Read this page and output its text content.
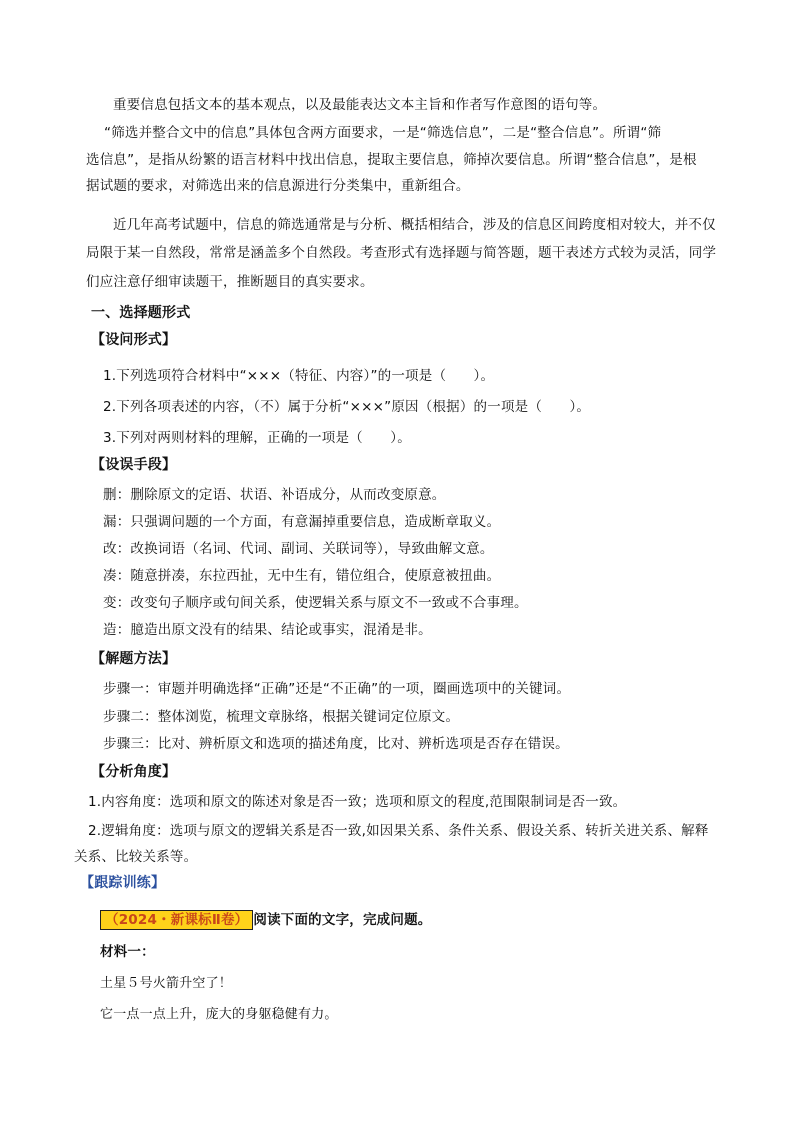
重要信息包括文本的基本观点，以及最能表达文本主旨和作者写作意图的语句等。
“筛选并整合文中的信息”具体包含两方面要求，一是“筛选信息”，二是“整合信息”。所谓“筛
选信息”，是指从纷繁的语言材料中找出信息，提取主要信息，筛掉次要信息。所谓“整合信息”，是根
据试题的要求，对筛选出来的信息源进行分类集中，重新组合。
近几年高考试题中，信息的筛选通常是与分析、概括相结合，涉及的信息区间跨度相对较大，并不仅
局限于某一自然段，常常是涵盖多个自然段。考查形式有选择题与简答题，题干表述方式较为灵活，同学
们应注意仔细审读题干，推断题目的真实要求。
一、选择题形式
【设问形式】
1.下列选项符合材料中“×××（特征、内容）”的一项是（　　）。
2.下列各项表述的内容，（不）属于分析“×××”原因（根据）的一项是（　　）。
3.下列对两则材料的理解，正确的一项是（　　）。
【设误手段】
删：删除原文的定语、状语、补语成分，从而改变原意。
漏：只强调问题的一个方面，有意漏掉重要信息，造成断章取义。
改：改换词语（名词、代词、副词、关联词等），导致曲解文意。
凑：随意拼凑，东拉西扯，无中生有，错位组合，使原意被扭曲。
变：改变句子顺序或句间关系，使逻辑关系与原文不一致或不合事理。
造：臆造出原文没有的结果、结论或事实，混淆是非。
【解题方法】
步骤一：审题并明确选择“正确”还是“不正确”的一项，圈画选项中的关键词。
步骤二：整体浏览，梳理文章脉络，根据关键词定位原文。
步骤三：比对、辨析原文和选项的描述角度，比对、辨析选项是否存在错误。
【分析角度】
1.内容角度：选项和原文的陈述对象是否一致；选项和原文的程度,范围限制词是否一致。
2.逻辑角度：选项与原文的逻辑关系是否一致,如因果关系、条件关系、假设关系、转折关进关系、解释
关系、比较关系等。
【跟踪训练】
（2024・新课标Ⅱ卷） 阅读下面的文字，完成问题。
材料一：
土星５号火箭升空了！
它一点一点上升，庞大的身躯稳健有力。
